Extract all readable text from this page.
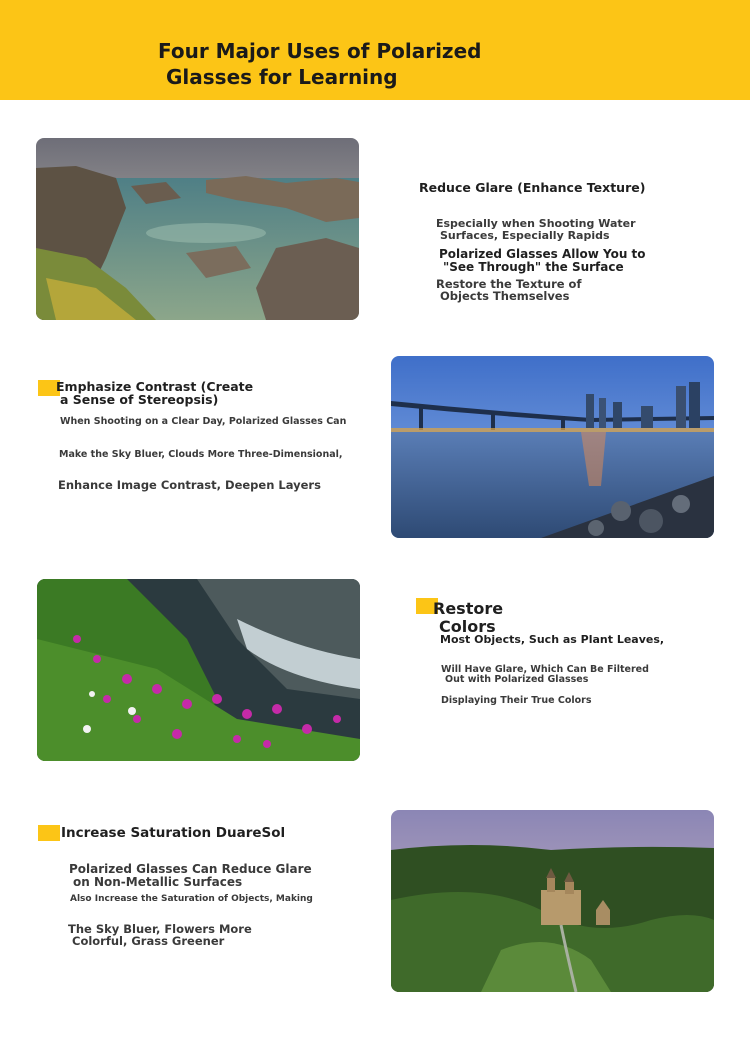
Four Major Uses of Polarized
Glasses for Learning
Reduce Glare (Enhance Texture)

Especially when Shooting Water
Surfaces, Especially Rapids

Polarized Glasses Allow You to
"See Through" the Surface

Restore the Texture of
Objects Themselves

Emphasize Contrast (Create
a Sense of Stereopsis)

When Shooting on a Clear Day, Polarized Glasses Can

Make the Sky Bluer, Clouds More Three-Dimensional,

Enhance Image Contrast, Deepen Layers

Restore
Colors

Most Objects, Such as Plant Leaves,

Will Have Glare, Which Can Be Filtered
Out with Polarized Glasses

Displaying Their True Colors

Increase Saturation DuareSol

Polarized Glasses Can Reduce Glare
on Non-Metallic Surfaces

Also Increase the Saturation of Objects, Making

The Sky Bluer, Flowers More
Colorful, Grass Greener
